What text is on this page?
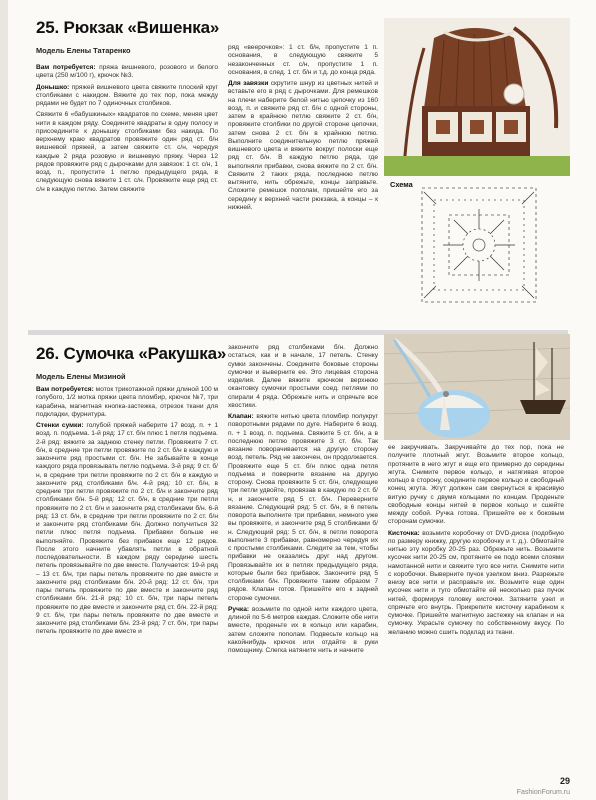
25. Рюкзак «Вишенка»
Модель Елены Татаренко

Вам потребуется: пряжа вишневого, розового и белого цвета (250 м/100 г), крючок №3.

Донышко: пряжей вишневого цвета свяжите плоский круг столбиками с накидом. Вяжите до тех пор, пока между рядами не будет по 7 одиночных столбиков.

Свяжите 6 «бабушкиных» квадратов по схеме, меняя цвет нити в каждом ряду. Соедините квадраты в одну полосу и присоедините к донышку столбиками без накида. По верхнему краю квадратов провяжите один ряд ст. б/н вишневой пряжей, а затем свяжите ст. с/н, чередуя каждые 2 ряда розовую и вишневую пряжу. Через 12 рядов провяжите ряд с дырочками для завязок: 1 ст. с/н, 1 возд. п., пропустите 1 петлю предыдущего ряда, в следующую снова вяжите 1 ст. с/н. Провяжите еще ряд ст. с/н в каждую петлю. Затем свяжите

ряд «веерочков»: 1 ст. б/н, пропустите 1 п. основания, в следующую свяжите 5 незаконченных ст. с/н, пропустите 1 п. основания, в след. 1 ст. б/н и т.д. до конца ряда.

Для завязки скрутите шнур из цветных нитей и вставьте его в ряд с дырочками. Для ремешков на плечи наберите белой нитью цепочку из 160 возд. п. и свяжите ряд ст. б/н с одной стороны, затем в крайнюю петлю свяжите 2 ст. б/н, провяжите столбики по другой стороне цепочки, затем снова 2 ст. б/н в крайнюю петлю. Выполните соединительную петлю пряжей вишневого цвета и вяжите вокруг полоски еще ряд ст. б/н. В каждую петлю ряда, где выполняли прибавки, снова вяжите по 2 ст. б/н. Свяжите 2 таких ряда, последнюю петлю вытяните, нить обрежьте, концы заправьте. Сложите ремешок пополам, пришейте его за середину к верхней части рюкзака, а концы – к нижней.

Схема
26. Сумочка «Ракушка»
Модель Елены Мизиной

Вам потребуется: моток трикотажной пряжи длиной 100 м голубого, 1/2 мотка пряжи цвета пломбир, крючок №7, три карабина, магнитная кнопка-застежка, отрезок ткани для подкладки, фурнитура.

Стенки сумки: голубой пряжей наберите 17 возд. п. + 1 возд. п. подъема. 1-й ряд: 17 ст. б/н плюс 1 петля подъема. 2-й ряд: вяжите за заднюю стенку петли. Провяжите 7 ст. б/н, в средние три петли провяжите по 2 ст. б/н в каждую и закончите ряд простыми ст. б/н. Не забывайте в конце каждого ряда провязывать петлю подъема. 3-й ряд: 9 ст. б/н, в средние три петли провяжите по 2 ст. б/н в каждую и закончите ряд столбиками б/н. 4-й ряд: 10 ст. б/н, в средние три петли провяжите по 2 ст. б/н и закончите ряд столбиками б/н. 5-й ряд: 12 ст. б/н, в средние три петли провяжите по 2 ст. б/н и закончите ряд столбиками б/н. 6-й ряд: 13 ст. б/н, в средние три петли провяжите по 2 ст. б/н и закончите ряд столбиками б/н. Должно получиться 32 петли плюс петля подъема. Прибавки больше не выполняйте. Провяжите без прибавок еще 12 рядов. После этого начните убавлять петли в обратной последовательности. В каждом ряду середине шесть петель провязывайте по две вместе. Получается: 19-й ряд – 13 ст. б/н, три пары петель провяжите по две вместе и закончите ряд столбиками б/н. 20-й ряд: 12 ст. б/н, три пары петель провяжите по две вместе и закончите ряд столбиками б/н. 21-й ряд: 10 ст. б/н, три пары петель провяжите по две вместе и закончите ряд ст. б/н. 22-й ряд: 9 ст. б/н, три пары петель провяжите по две вместе и закончите ряд столбиками б/н. 23-й ряд: 7 ст. б/н, три пары петель провяжите по две вместе и

закончите ряд столбиками б/н. Должно остаться, как и в начале, 17 петель. Стенку сумки закончены. Соедините боковые стороны сумочки и выверните ее. Это лицевая сторона изделия. Далее вяжите крючком верхнюю окантовку сумочки простыми соед. петлями по спирали 4 ряда. Обрежьте нить и спрячьте все хвостики.

Клапан: вяжите нитью цвета пломбир полукруг поворотными рядами по дуге. Наберите 6 возд. п. + 1 возд. п. подъема. Свяжите 5 ст. б/н, а в последнюю петлю провяжите 3 ст. б/н. Так вязание поворачивается на другую сторону возд. петель. Ряд не закончен, он продолжается. Провяжите еще 5 ст. б/н плюс одна петля подъема и поверните вязание на другую сторону. Снова провяжите 5 ст. б/н, следующие три петли удвойте, провязав в каждую по 2 ст. б/н, и закончите ряд 5 ст. б/н. Переверните вязание. Следующий ряд: 5 ст. б/н, в 6 петель поворота выполните три прибавки, немного уже вы провяжете, и закончите ряд 5 столбиками б/н. Следующий ряд: 5 ст. б/н, в петли поворота выполните 3 прибавки, равномерно чередуя их с простыми столбиками. Следите за тем, чтобы прибавки не оказались друг над другом. Провязывайте их в петлях предыдущего ряда, которые были без прибавок. Закончите ряд 5 столбиками б/н. Провяжите таким образом 7 рядов. Клапан готов. Пришейте его к задней стороне сумочки.

Ручка: возьмите по одной нити каждого цвета, длиной по 5-6 метров каждая. Сложите обе нити вместе, проденьте их в кольцо или карабин, затем сложите пополам. Подвесьте кольцо на какойнибудь крючок или отдайте в руки помощнику. Слегка натяните нить и начните

ее закручивать. Закручивайте до тех пор, пока не получите плотный жгут. Возьмите второе кольцо, протяните в него жгут и еще его примерно до середины жгута. Снимите первое кольцо, и натягивая второе кольцо в сторону, соедините первое кольцо и свободный конец жгута. Жгут должен сам свернуться в красивую витую ручку с двумя кольцами по концам. Проденьте свободные концы нитей в первое кольцо и сшейте между собой. Ручка готова. Пришейте ее к боковым сторонам сумочки.

Кисточка: возьмите коробочку от DVD-диска (подобную по размеру книжку, другую коробочку и т. д.). Обмотайте нитью эту коробку 20-25 раз. Обрежьте нить. Возьмите кусочек нити 20-25 см, протяните ее подо всеми слоями намотанной нити и свяжите туго все нити. Снимите нити с коробочки. Выверните пучок узелком вниз. Разрежьте внизу все нити и расправьте их. Возьмите еще один кусочек нити и туго обмотайте ей несколько раз пучок нитей, формируя головку кисточки. Затяните узел и спрячьте его внутрь. Прикрепите кисточку карабином к сумочке. Пришейте магнитную застежку на клапан и на сумочку. Украсьте сумочку по собственному вкусу. По желанию можно сшить подклад из ткани.

29
FashionForum.ru
